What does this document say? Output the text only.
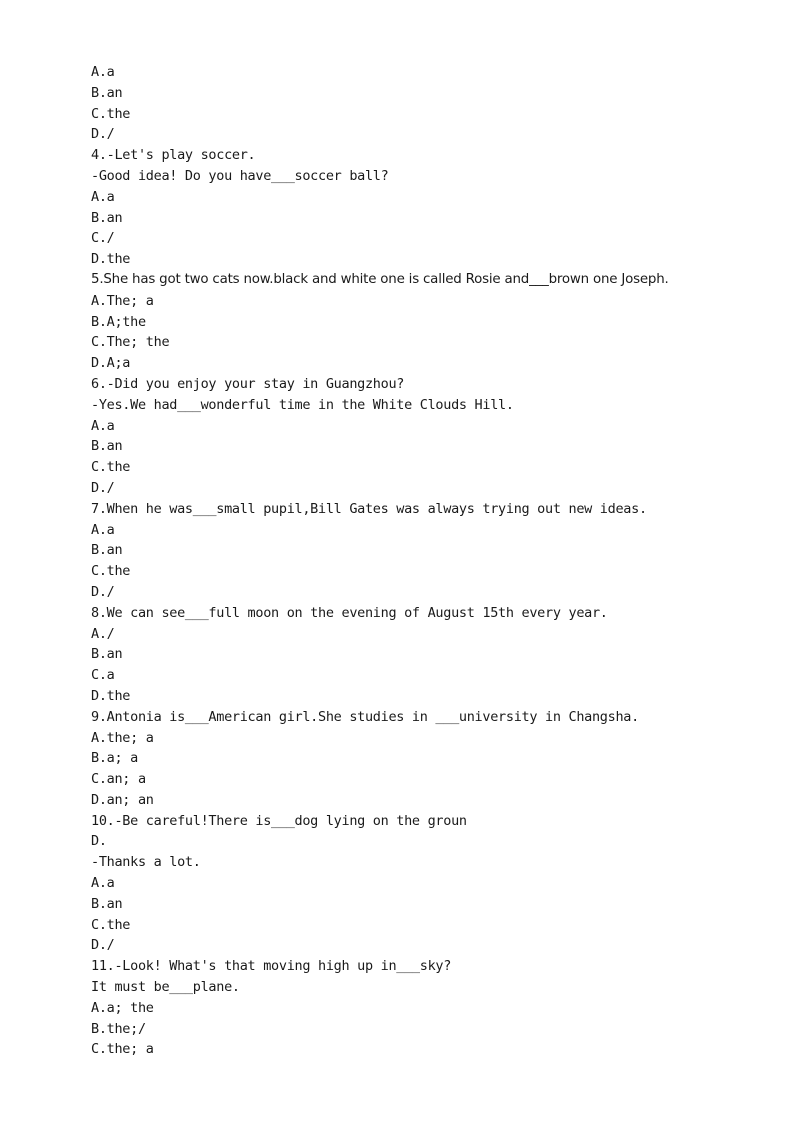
A.a
B.an
C.the
D./
4.-Let's play soccer.
-Good idea! Do you have___soccer ball?
A.a
B.an
C./
D.the
5.She has got two cats now.black and white one is called Rosie and___brown one Joseph.
A.The; a
B.A;the
C.The; the
D.A;a
6.-Did you enjoy your stay in Guangzhou?
-Yes.We had___wonderful time in the White Clouds Hill.
A.a
B.an
C.the
D./
7.When he was___small pupil,Bill Gates was always trying out new ideas.
A.a
B.an
C.the
D./
8.We can see___full moon on the evening of August 15th every year.
A./
B.an
C.a
D.the
9.Antonia is___American girl.She studies in ___university in Changsha.
A.the; a
B.a; a
C.an; a
D.an; an
10.-Be careful!There is___dog lying on the groun
D.
-Thanks a lot.
A.a
B.an
C.the
D./
11.-Look! What's that moving high up in___sky?
It must be___plane.
A.a; the
B.the;/
C.the; a
